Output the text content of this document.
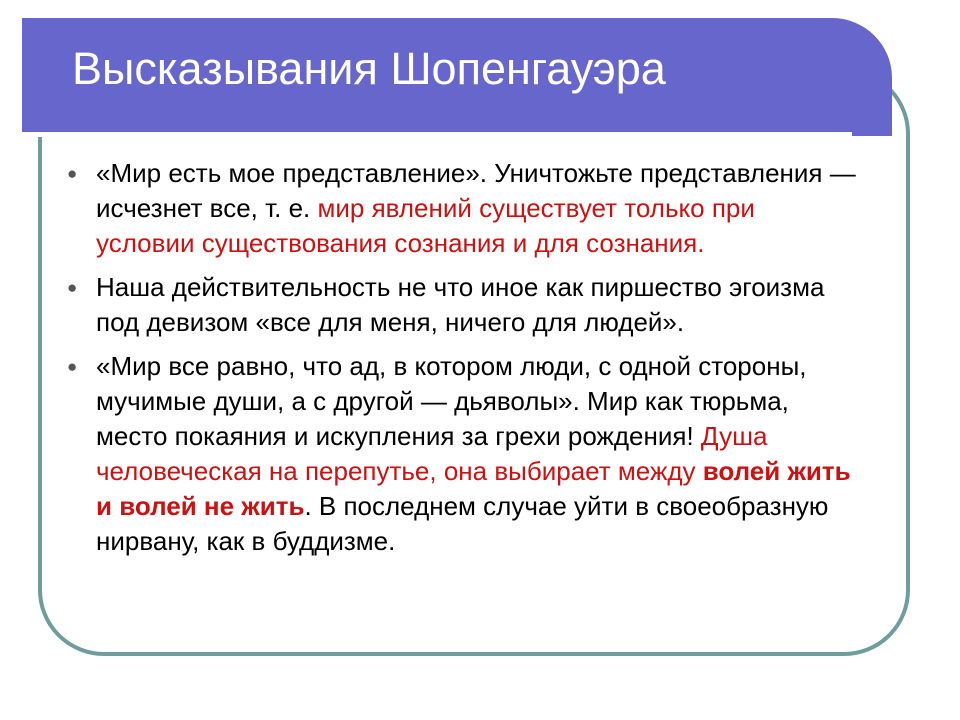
Высказывания Шопенгауэра
● «Мир есть мое представление». Уничтожьте представления — исчезнет все, т. е. мир явлений существует только при условии существования сознания и для сознания.
● Наша действительность не что иное как пиршество эгоизма под девизом «все для меня, ничего для людей».
● «Мир все равно, что ад, в котором люди, с одной стороны, мучимые души, а с другой — дьяволы». Мир как тюрьма, место покаяния и искупления за грехи рождения! Душа человеческая на перепутье, она выбирает между волей жить и волей не жить. В последнем случае уйти в своеобразную нирвану, как в буддизме.
